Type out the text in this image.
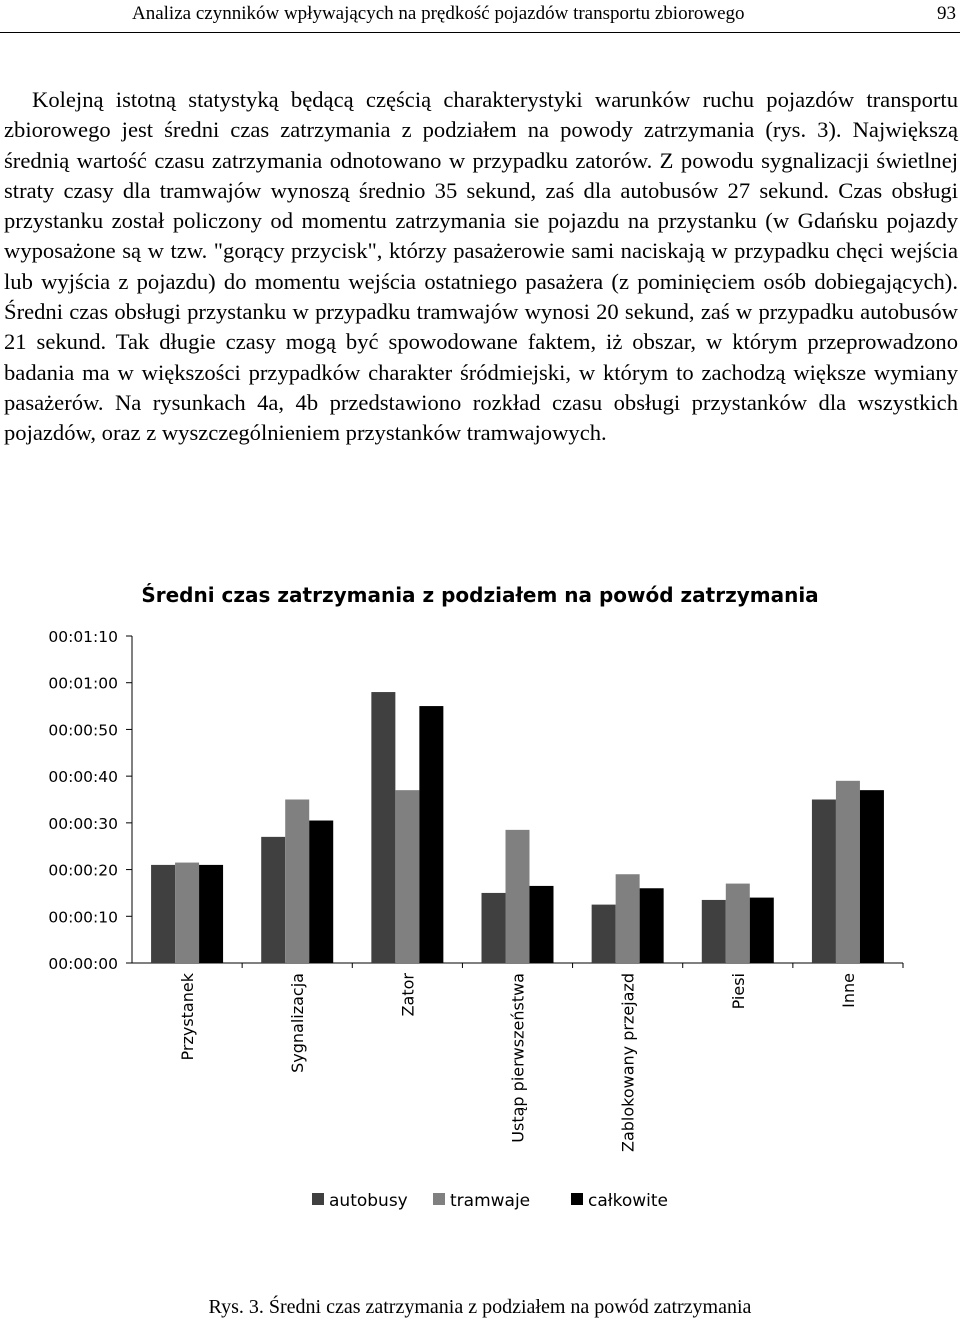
Analiza czynników wpływających na prędkość pojazdów transportu zbiorowego	93

Kolejną istotną statystyką będącą częścią charakterystyki warunków ruchu pojazdów transportu zbiorowego jest średni czas zatrzymania z podziałem na powody zatrzymania (rys. 3). Największą średnią wartość czasu zatrzymania odnotowano w przypadku zatorów. Z powodu sygnalizacji świetlnej straty czasy dla tramwajów wynoszą średnio 35 sekund, zaś dla autobusów 27 sekund. Czas obsługi przystanku został policzony od momentu zatrzymania sie pojazdu na przystanku (w Gdańsku pojazdy wyposażone są w tzw. "gorący przycisk", którzy pasażerowie sami naciskają w przypadku chęci wejścia lub wyjścia z pojazdu) do momentu wejścia ostatniego pasażera (z pominięciem osób dobiegających). Średni czas obsługi przystanku w przypadku tramwajów wynosi 20 sekund, zaś w przypadku autobusów 21 sekund. Tak długie czasy mogą być spowodowane faktem, iż obszar, w którym przeprowadzono badania ma w większości przypadków charakter śródmiejski, w którym to zachodzą większe wymiany pasażerów. Na rysunkach 4a, 4b przedstawiono rozkład czasu obsługi przystanków dla wszystkich pojazdów, oraz z wyszczególnieniem przystanków tramwajowych.

Średni czas zatrzymania z podziałem na powód zatrzymania
00:00:00
00:00:10
00:00:20
00:00:30
00:00:40
00:00:50
00:01:00
00:01:10
Przystanek	Sygnalizacja	Zator	Ustąp pierwszeństwa	Zablokowany przejazd	Piesi	Inne
autobusy tramwaje	całkowite

Rys. 3. Średni czas zatrzymania z podziałem na powód zatrzymania
